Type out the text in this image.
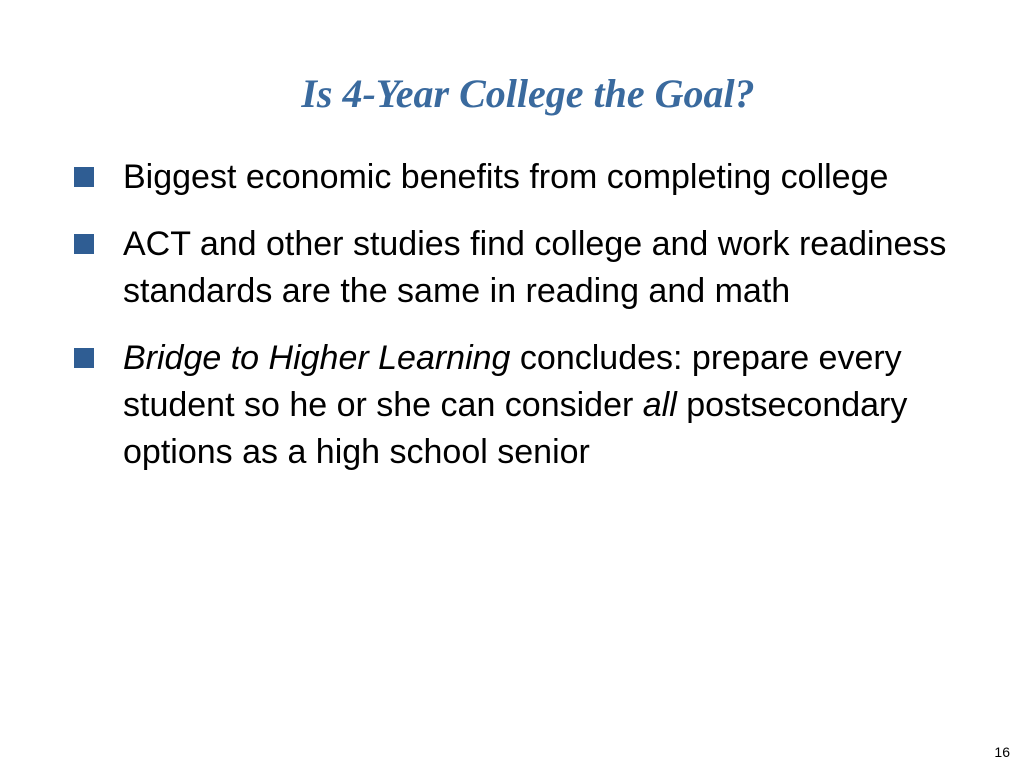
Is 4-Year College the Goal?
Biggest economic benefits from completing college
ACT and other studies find college and work readiness standards are the same in reading and math
Bridge to Higher Learning concludes: prepare every student so he or she can consider all postsecondary options as a high school senior
16
